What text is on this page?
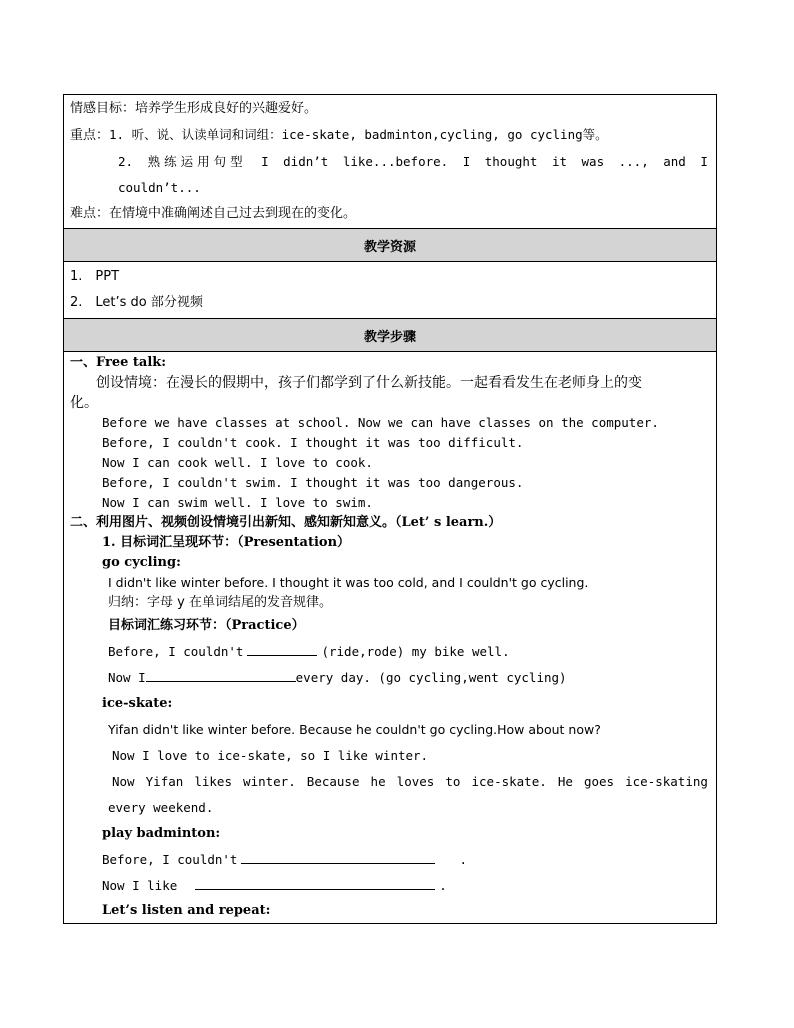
情感目标：培养学生形成良好的兴趣爱好。
重点：1. 听、说、认读单词和词组：ice-skate, badminton,cycling, go cycling等。
2. 熟练运用句型 I didn’t like...before. I thought it was ..., and I
couldn’t...
难点：在情境中准确阐述自己过去到现在的变化。
教学资源
1.　PPT
2.　Let’s do 部分视频
教学步骤
一、Free talk:
创设情境：在漫长的假期中，孩子们都学到了什么新技能。一起看看发生在老师身上的变
化。
Before we have classes at school. Now we can have classes on the computer.
Before, I couldn't cook. I thought it was too difficult.
Now I can cook well. I love to cook.
Before, I couldn't swim. I thought it was too dangerous.
Now I can swim well. I love to swim.
二、利用图片、视频创设情境引出新知、感知新知意义。（Let’ s learn.）
1. 目标词汇呈现环节：（Presentation）
go cycling:
I didn't like winter before. I thought it was too cold, and I couldn't go cycling.
归纳：字母 y 在单词结尾的发音规律。
目标词汇练习环节：（Practice）
Before, I couldn't	(ride,rode) my bike well.
Now I	every day. (go cycling,went cycling)
ice-skate:
Yifan didn't like winter before. Because he couldn't go cycling.How about now?
Now I love to ice-skate, so I like winter.
Now Yifan likes winter. Because he loves to ice-skate. He goes ice-skating
every weekend.
play badminton:
Before, I couldn't	.
Now I like	.
Let’s listen and repeat:
